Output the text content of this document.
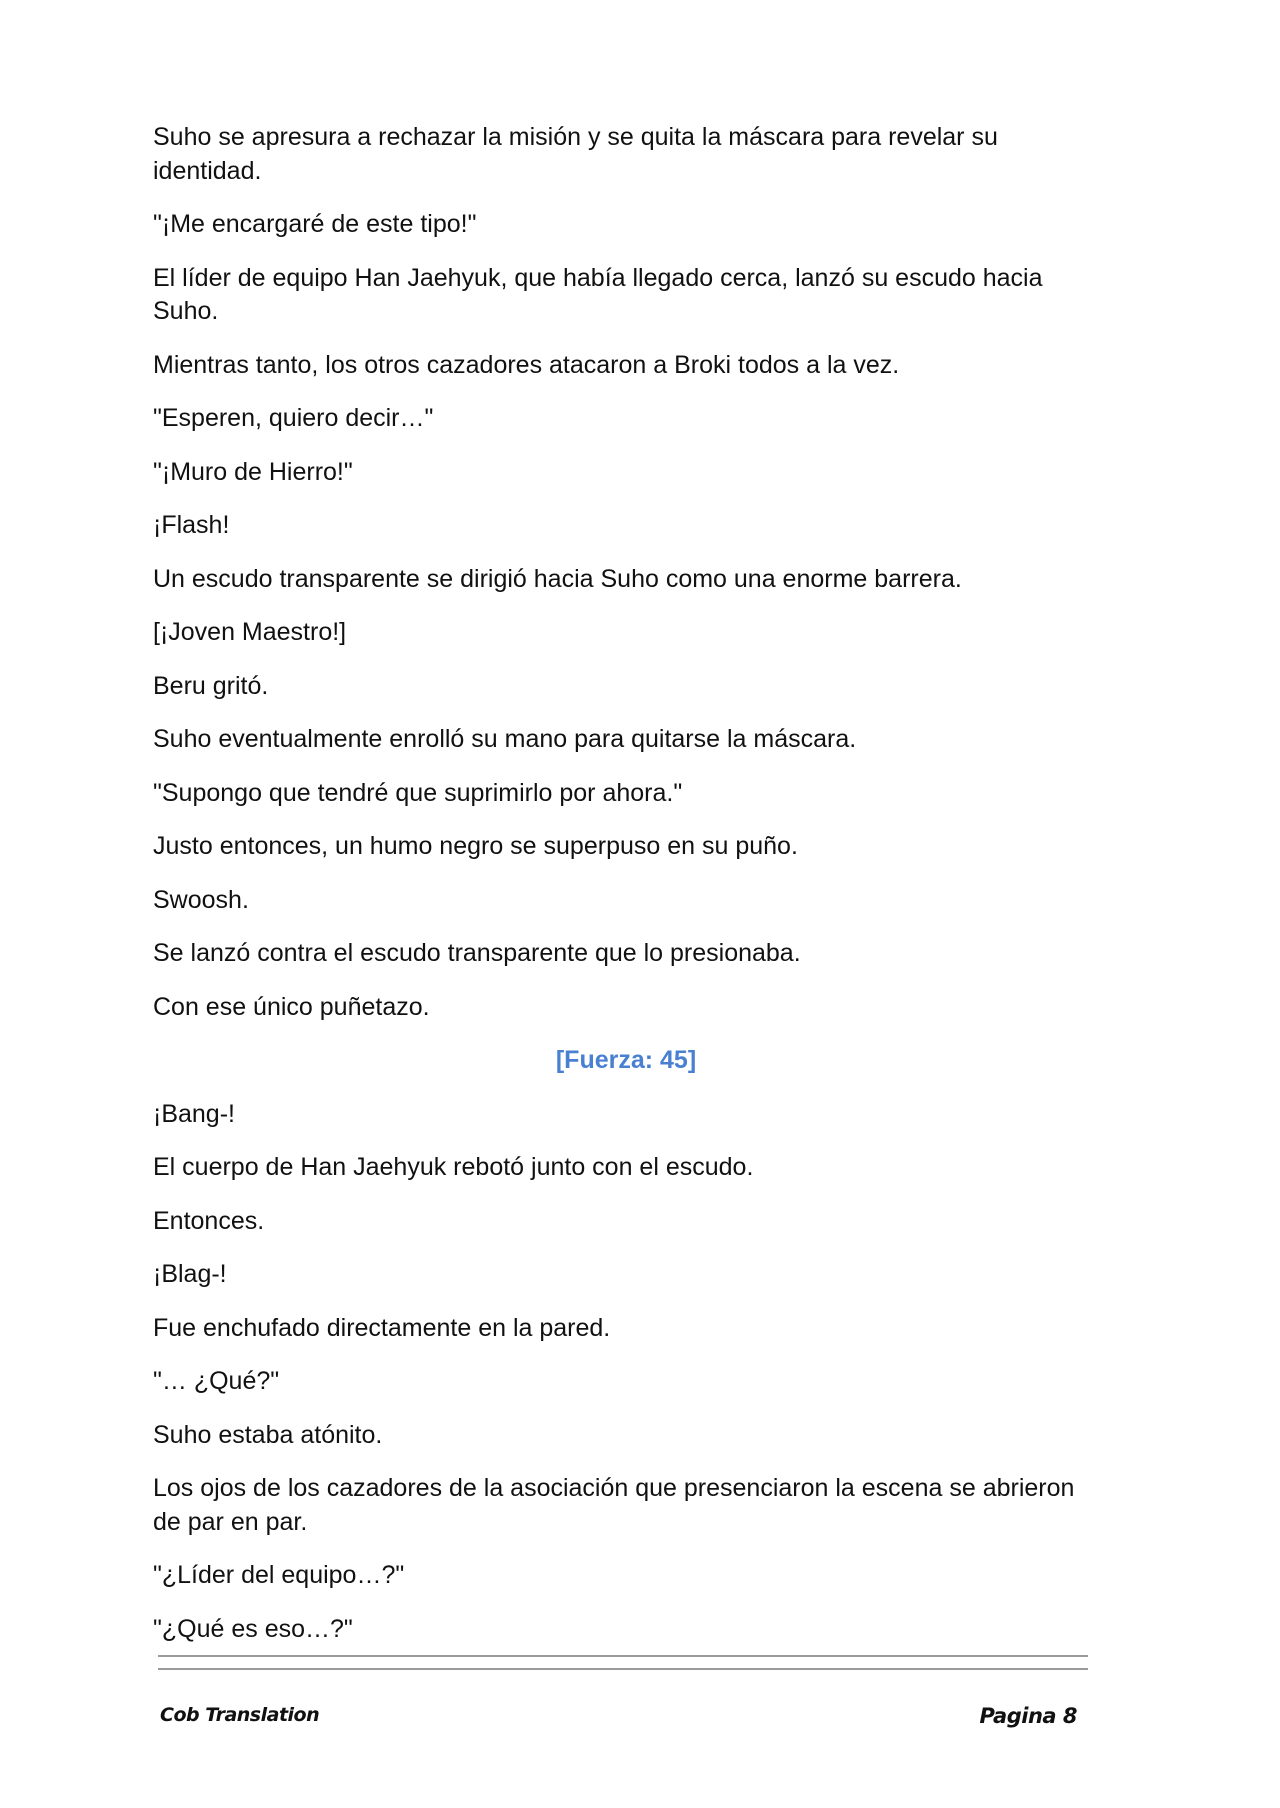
Suho se apresura a rechazar la misión y se quita la máscara para revelar su identidad.

"¡Me encargaré de este tipo!"

El líder de equipo Han Jaehyuk, que había llegado cerca, lanzó su escudo hacia Suho.

Mientras tanto, los otros cazadores atacaron a Broki todos a la vez.

"Esperen, quiero decir…"

"¡Muro de Hierro!"

¡Flash!

Un escudo transparente se dirigió hacia Suho como una enorme barrera.

[¡Joven Maestro!]

Beru gritó.

Suho eventualmente enrolló su mano para quitarse la máscara.

"Supongo que tendré que suprimirlo por ahora."

Justo entonces, un humo negro se superpuso en su puño.

Swoosh.

Se lanzó contra el escudo transparente que lo presionaba.

Con ese único puñetazo.

[Fuerza: 45]

¡Bang-!

El cuerpo de Han Jaehyuk rebotó junto con el escudo.

Entonces.

¡Blag-!

Fue enchufado directamente en la pared.

"… ¿Qué?"

Suho estaba atónito.

Los ojos de los cazadores de la asociación que presenciaron la escena se abrieron de par en par.

"¿Líder del equipo…?"

"¿Qué es eso…?"

Cob Translation	Pagina 8
